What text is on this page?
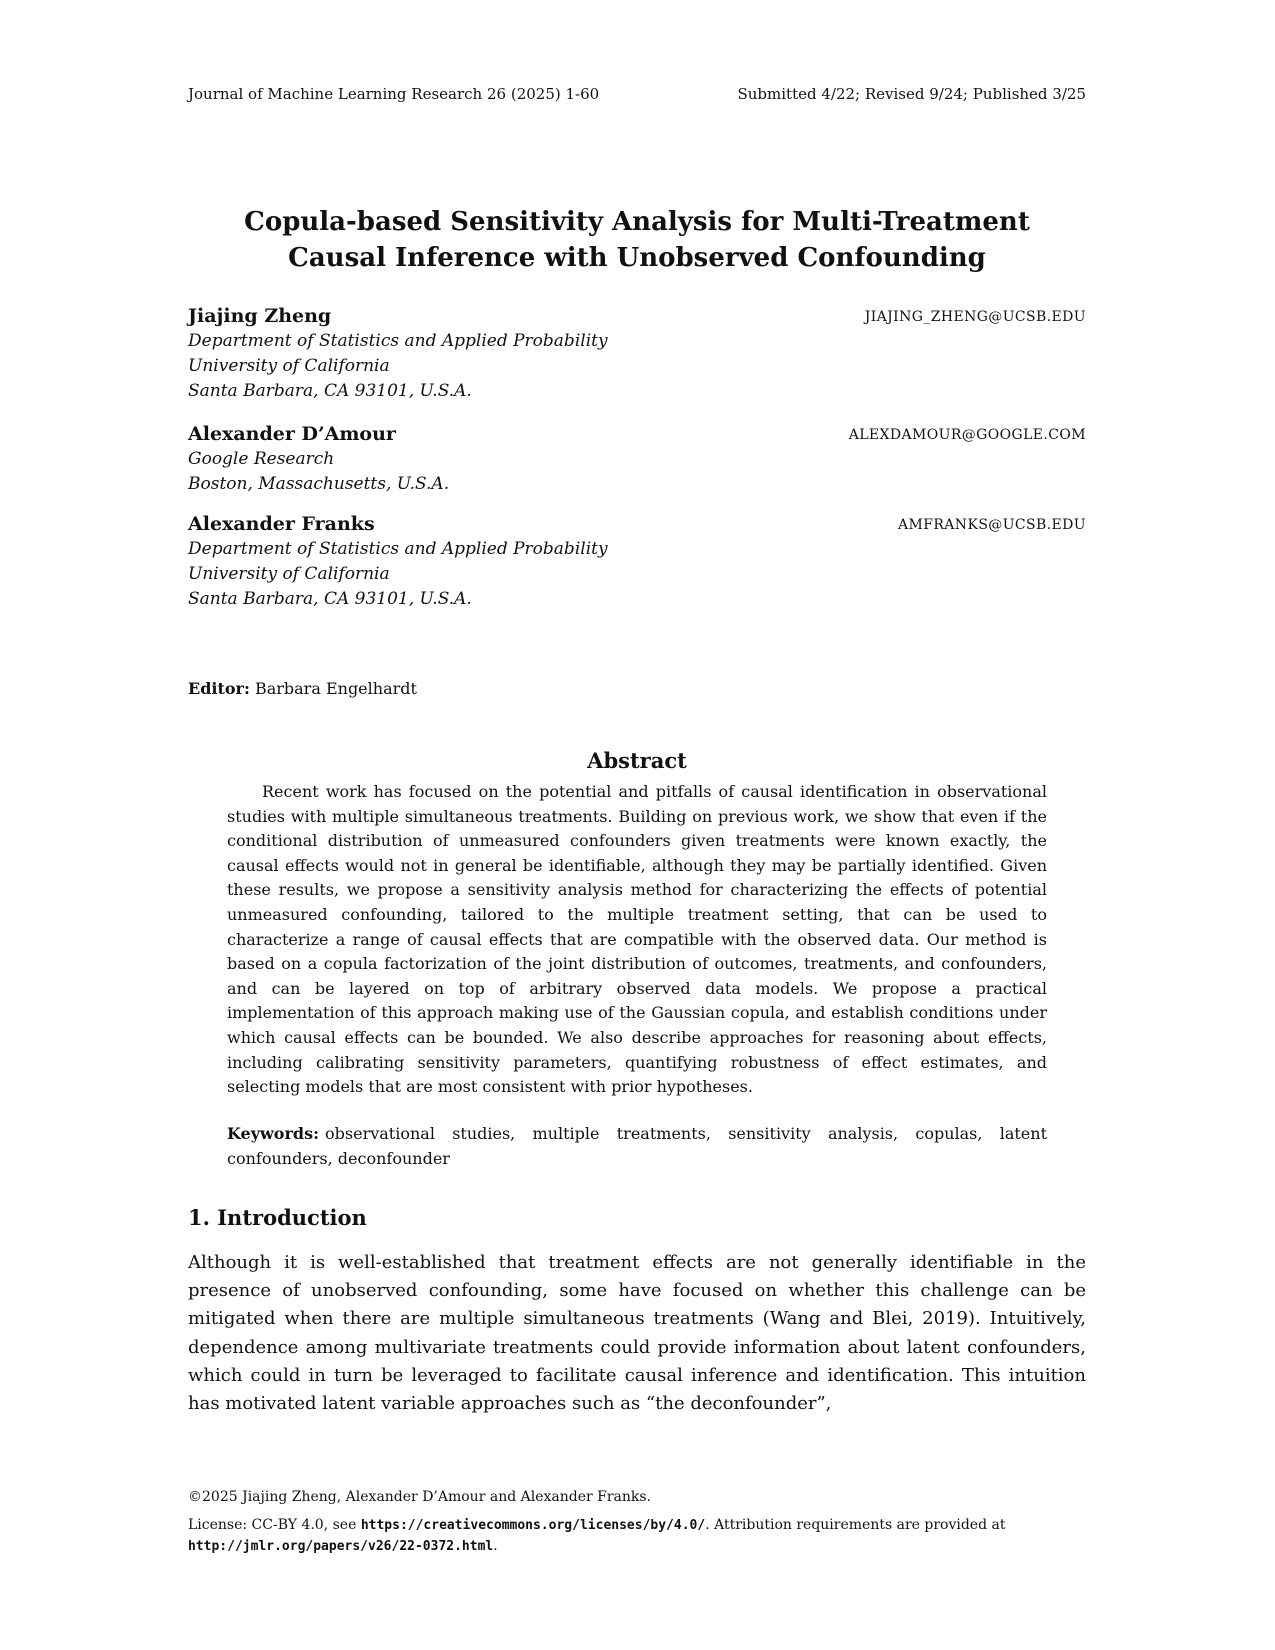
Journal of Machine Learning Research 26 (2025) 1-60	Submitted 4/22; Revised 9/24; Published 3/25
Copula-based Sensitivity Analysis for Multi-Treatment
Causal Inference with Unobserved Confounding
Jiajing Zheng	JIAJING_ZHENG@UCSB.EDU
Department of Statistics and Applied Probability
University of California
Santa Barbara, CA 93101, U.S.A.
Alexander D’Amour	ALEXDAMOUR@GOOGLE.COM
Google Research
Boston, Massachusetts, U.S.A.
Alexander Franks	AMFRANKS@UCSB.EDU
Department of Statistics and Applied Probability
University of California
Santa Barbara, CA 93101, U.S.A.
Editor: Barbara Engelhardt
Abstract

Recent work has focused on the potential and pitfalls of causal identification in observational studies with multiple simultaneous treatments. Building on previous work, we show that even if the conditional distribution of unmeasured confounders given treatments were known exactly, the causal effects would not in general be identifiable, although they may be partially identified. Given these results, we propose a sensitivity analysis method for characterizing the effects of potential unmeasured confounding, tailored to the multiple treatment setting, that can be used to characterize a range of causal effects that are compatible with the observed data. Our method is based on a copula factorization of the joint distribution of outcomes, treatments, and confounders, and can be layered on top of arbitrary observed data models. We propose a practical implementation of this approach making use of the Gaussian copula, and establish conditions under which causal effects can be bounded. We also describe approaches for reasoning about effects, including calibrating sensitivity parameters, quantifying robustness of effect estimates, and selecting models that are most consistent with prior hypotheses.

Keywords: observational studies, multiple treatments, sensitivity analysis, copulas, latent confounders, deconfounder

1. Introduction

Although it is well-established that treatment effects are not generally identifiable in the presence of unobserved confounding, some have focused on whether this challenge can be mitigated when there are multiple simultaneous treatments (Wang and Blei, 2019). Intuitively, dependence among multivariate treatments could provide information about latent confounders, which could in turn be leveraged to facilitate causal inference and identification. This intuition has motivated latent variable approaches such as “the deconfounder”,

©2025 Jiajing Zheng, Alexander D’Amour and Alexander Franks.

License: CC-BY 4.0, see https://creativecommons.org/licenses/by/4.0/. Attribution requirements are provided at http://jmlr.org/papers/v26/22-0372.html.
